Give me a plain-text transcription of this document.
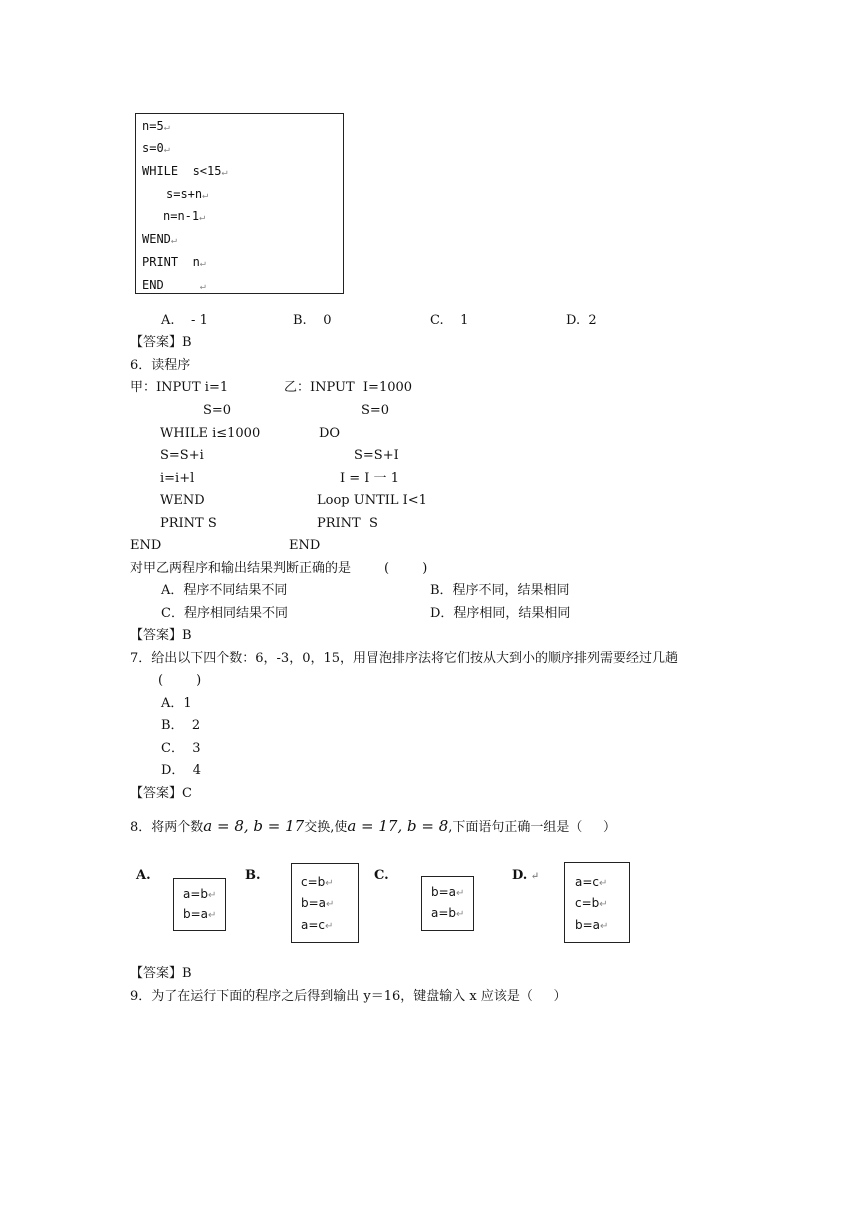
n=5↵
s=0↵
WHILE  s<15↵
s=s+n↵
n=n-1↵
WEND↵
PRINT  n↵
END      ↵
A.    - 1	B.    0	C.    1	D.  2
【答案】B
6．读程序
甲：INPUT i=1
S=0
WHILE i≤1000
S=S+i
i=i+l
WEND
PRINT S
END
乙：INPUT  I=1000
S=0
DO
S=S+I
I = I 一 1
Loop UNTIL I<1
PRINT  S
END
对甲乙两程序和输出结果判断正确的是        (        )
A．程序不同结果不同	B．程序不同，结果相同
C．程序相同结果不同	D．程序相同，结果相同
【答案】B
7．给出以下四个数：6，-3，0，15，用冒泡排序法将它们按从大到小的顺序排列需要经过几趟
(        )
A．1
B．  2
C．  3
D．  4
【答案】C
8．将两个数a = 8, b = 17交换,使a = 17, b = 8,下面语句正确一组是（     ）
A.	B.	C.	D. ↵
a=b↵
b=a↵
c=b↵
b=a↵
a=c↵
b=a↵
a=b↵
a=c↵
c=b↵
b=a↵
【答案】B
9．为了在运行下面的程序之后得到输出 y＝16，键盘输入 x 应该是（     ）
